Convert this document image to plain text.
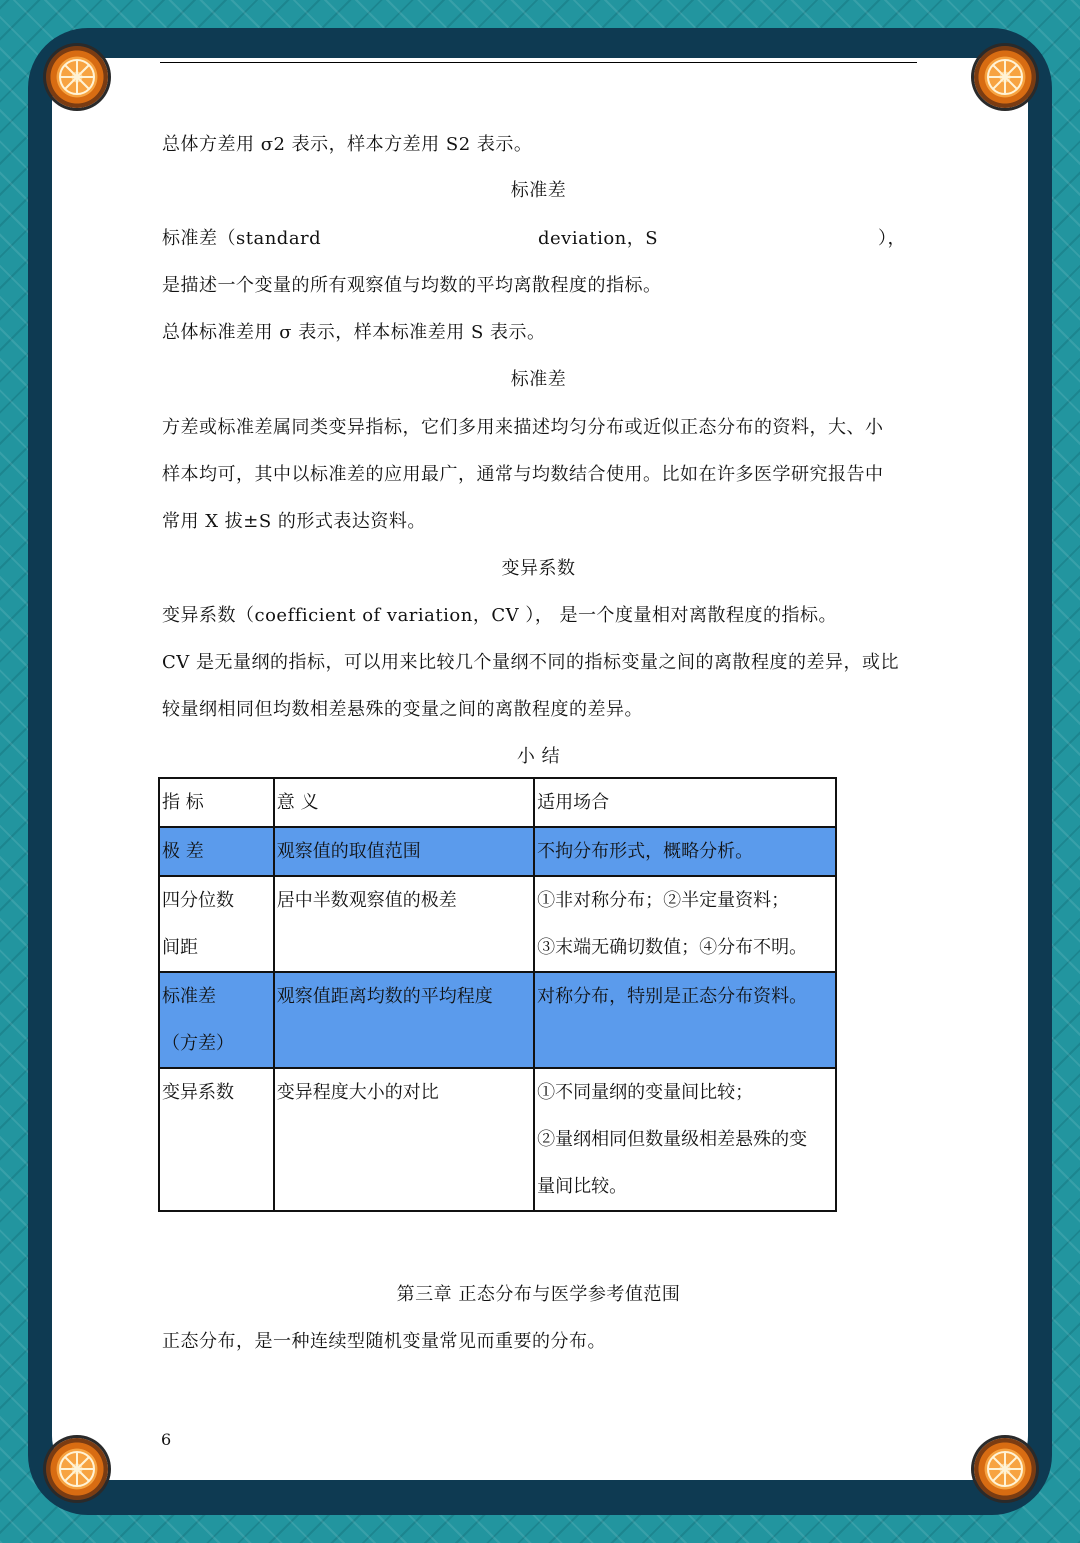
总体方差用 σ2 表示，样本方差用 S2 表示。
标准差
标准差（standard	deviation，S	），
是描述一个变量的所有观察值与均数的平均离散程度的指标。
总体标准差用 σ 表示，样本标准差用 S 表示。
标准差
方差或标准差属同类变异指标，它们多用来描述均匀分布或近似正态分布的资料，大、小
样本均可，其中以标准差的应用最广，通常与均数结合使用。比如在许多医学研究报告中
常用 X 拔±S 的形式表达资料。
变异系数
变异系数（coefficient of variation，CV ）， 是一个度量相对离散程度的指标。
CV 是无量纲的指标，可以用来比较几个量纲不同的指标变量之间的离散程度的差异，或比
较量纲相同但均数相差悬殊的变量之间的离散程度的差异。
小 结
指 标	意 义	适用场合

极 差	观察值的取值范围	不拘分布形式，概略分析。

四分位数
间距	居中半数观察值的极差	①非对称分布；②半定量资料；
③末端无确切数值；④分布不明。

标准差
（方差）	观察值距离均数的平均程度	对称分布，特别是正态分布资料。

变异系数	变异程度大小的对比	①不同量纲的变量间比较；
②量纲相同但数量级相差悬殊的变
量间比较。
第三章 正态分布与医学参考值范围
正态分布，是一种连续型随机变量常见而重要的分布。
6
